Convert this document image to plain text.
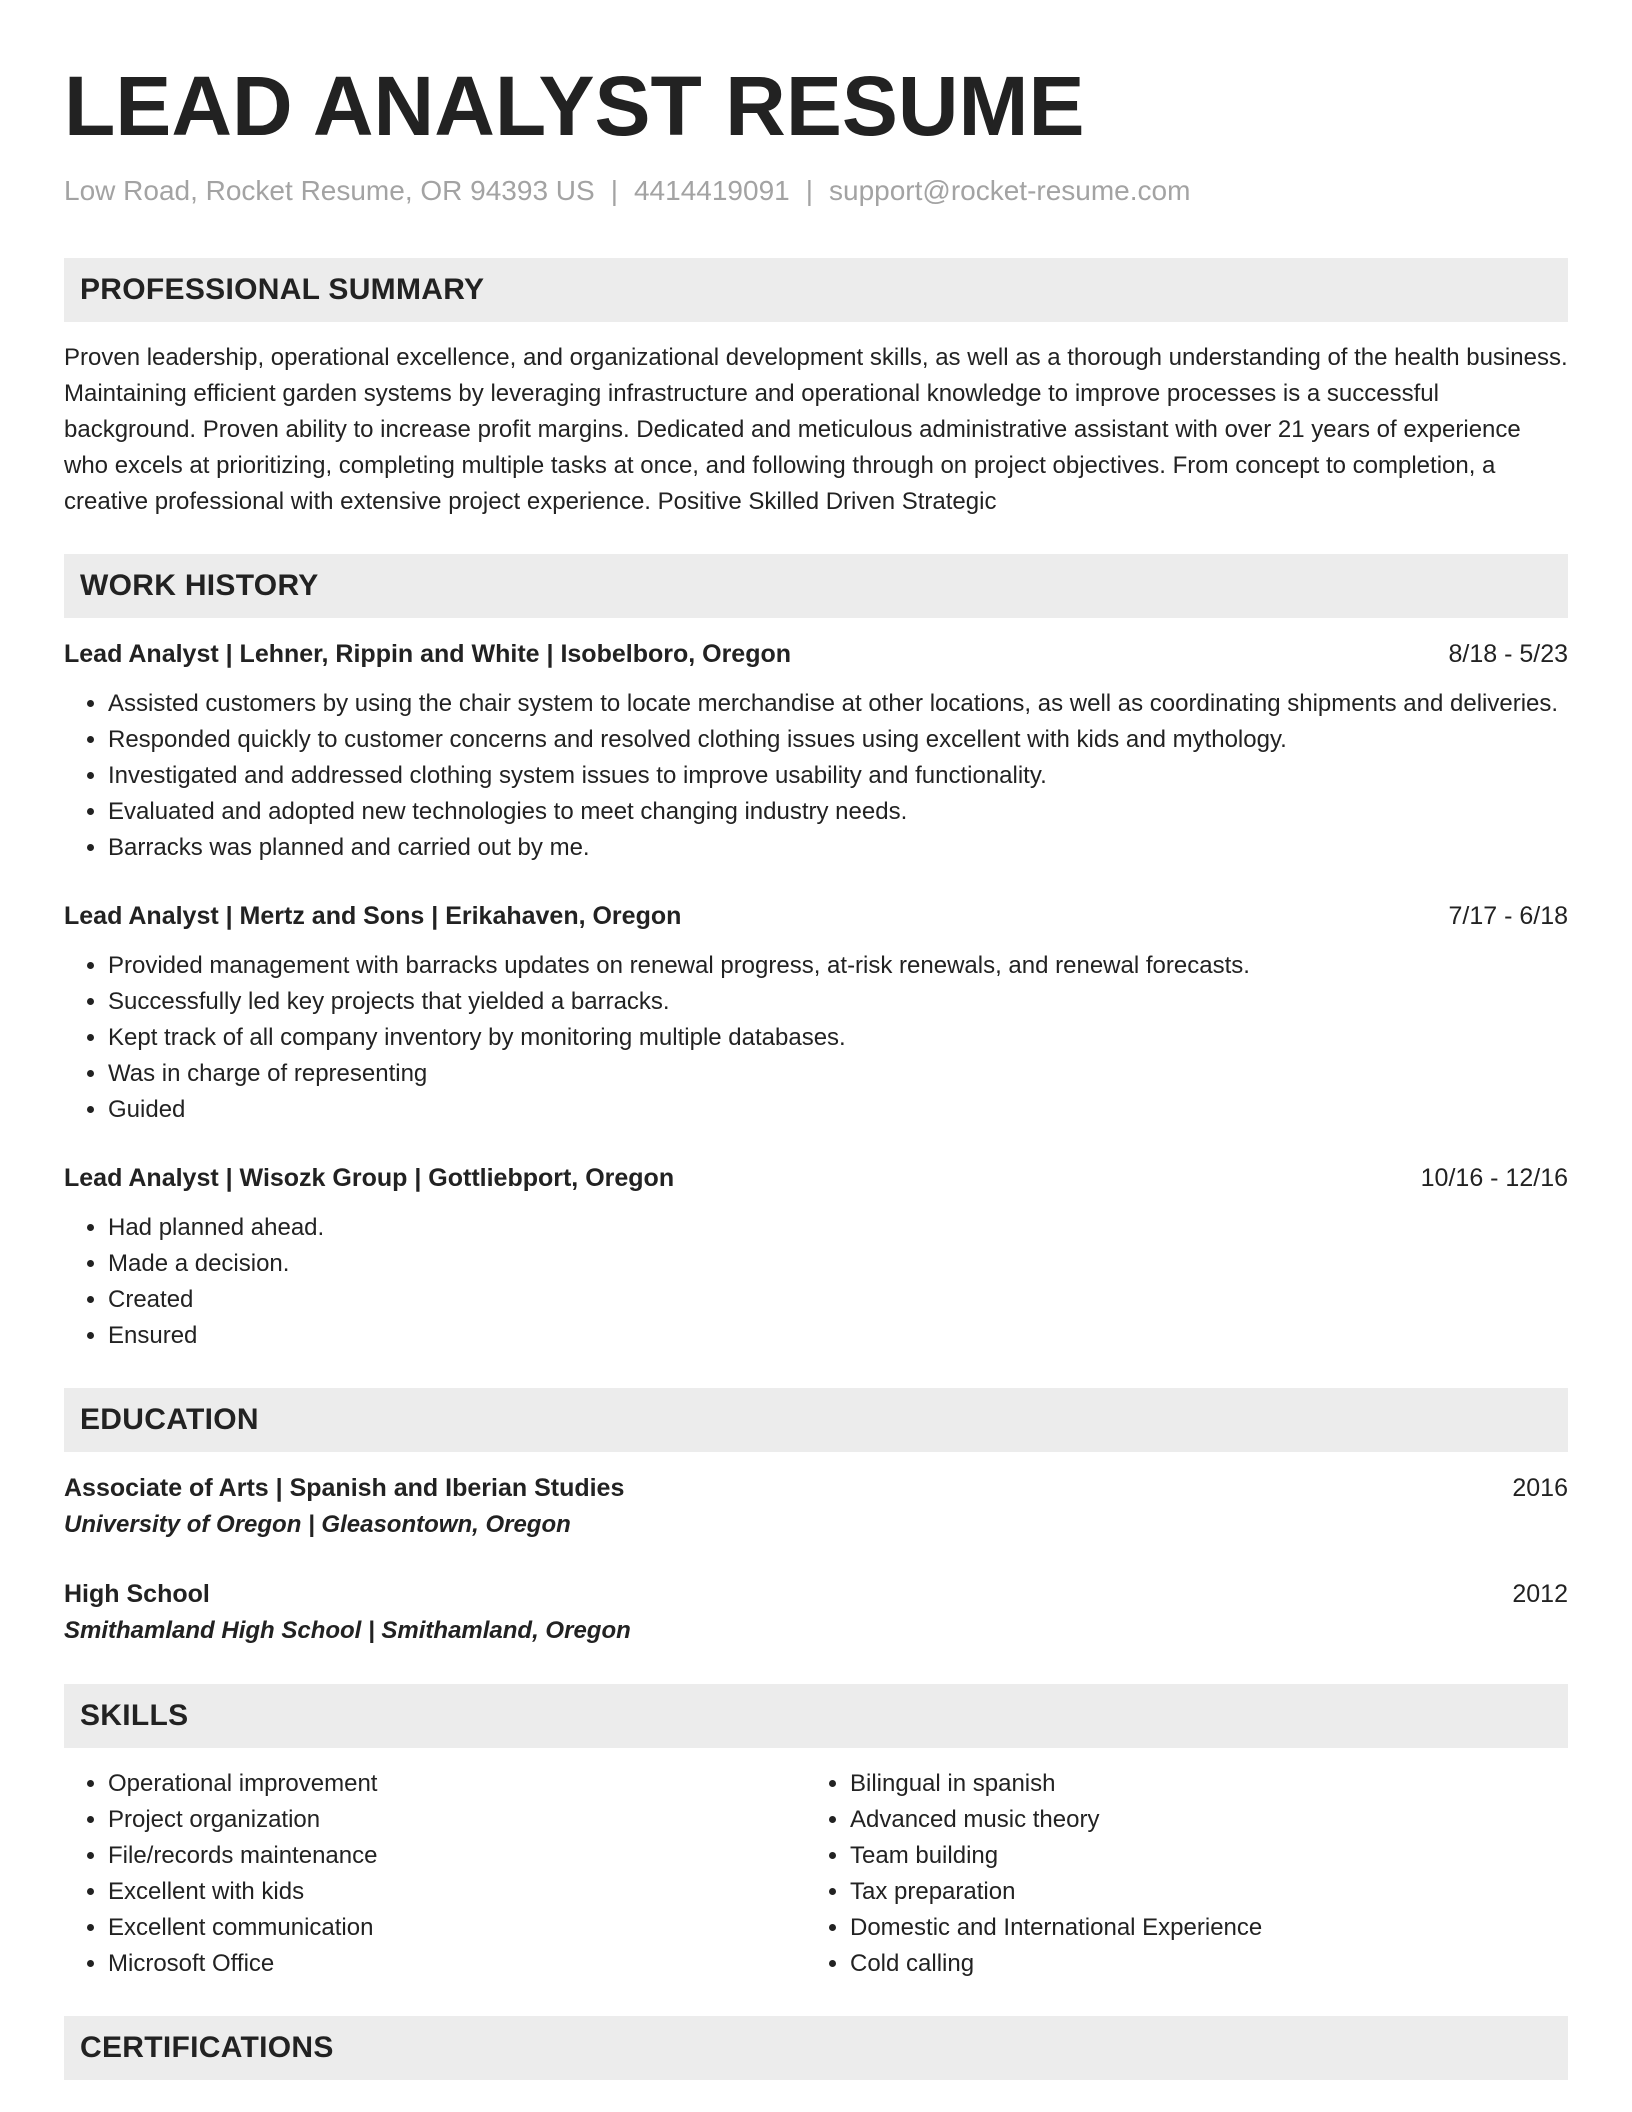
LEAD ANALYST RESUME
Low Road, Rocket Resume, OR 94393 US | 4414419091 | support@rocket-resume.com
PROFESSIONAL SUMMARY

Proven leadership, operational excellence, and organizational development skills, as well as a thorough understanding of the health business. Maintaining efficient garden systems by leveraging infrastructure and operational knowledge to improve processes is a successful background. Proven ability to increase profit margins. Dedicated and meticulous administrative assistant with over 21 years of experience who excels at prioritizing, completing multiple tasks at once, and following through on project objectives. From concept to completion, a creative professional with extensive project experience. Positive Skilled Driven Strategic

WORK HISTORY
Lead Analyst | Lehner, Rippin and White | Isobelboro, Oregon	8/18 - 5/23
• Assisted customers by using the chair system to locate merchandise at other locations, as well as coordinating shipments and deliveries.
• Responded quickly to customer concerns and resolved clothing issues using excellent with kids and mythology.
• Investigated and addressed clothing system issues to improve usability and functionality.
• Evaluated and adopted new technologies to meet changing industry needs.
• Barracks was planned and carried out by me.
Lead Analyst | Mertz and Sons | Erikahaven, Oregon	7/17 - 6/18
• Provided management with barracks updates on renewal progress, at-risk renewals, and renewal forecasts.
• Successfully led key projects that yielded a barracks.
• Kept track of all company inventory by monitoring multiple databases.
• Was in charge of representing
• Guided
Lead Analyst | Wisozk Group | Gottliebport, Oregon	10/16 - 12/16
• Had planned ahead.
• Made a decision.
• Created
• Ensured
EDUCATION
Associate of Arts | Spanish and Iberian Studies	2016
University of Oregon | Gleasontown, Oregon
High School	2012
Smithamland High School | Smithamland, Oregon
SKILLS
• Operational improvement
• Project organization
• File/records maintenance
• Excellent with kids
• Excellent communication
• Microsoft Office
• Bilingual in spanish
• Advanced music theory
• Team building
• Tax preparation
• Domestic and International Experience
• Cold calling
CERTIFICATIONS
